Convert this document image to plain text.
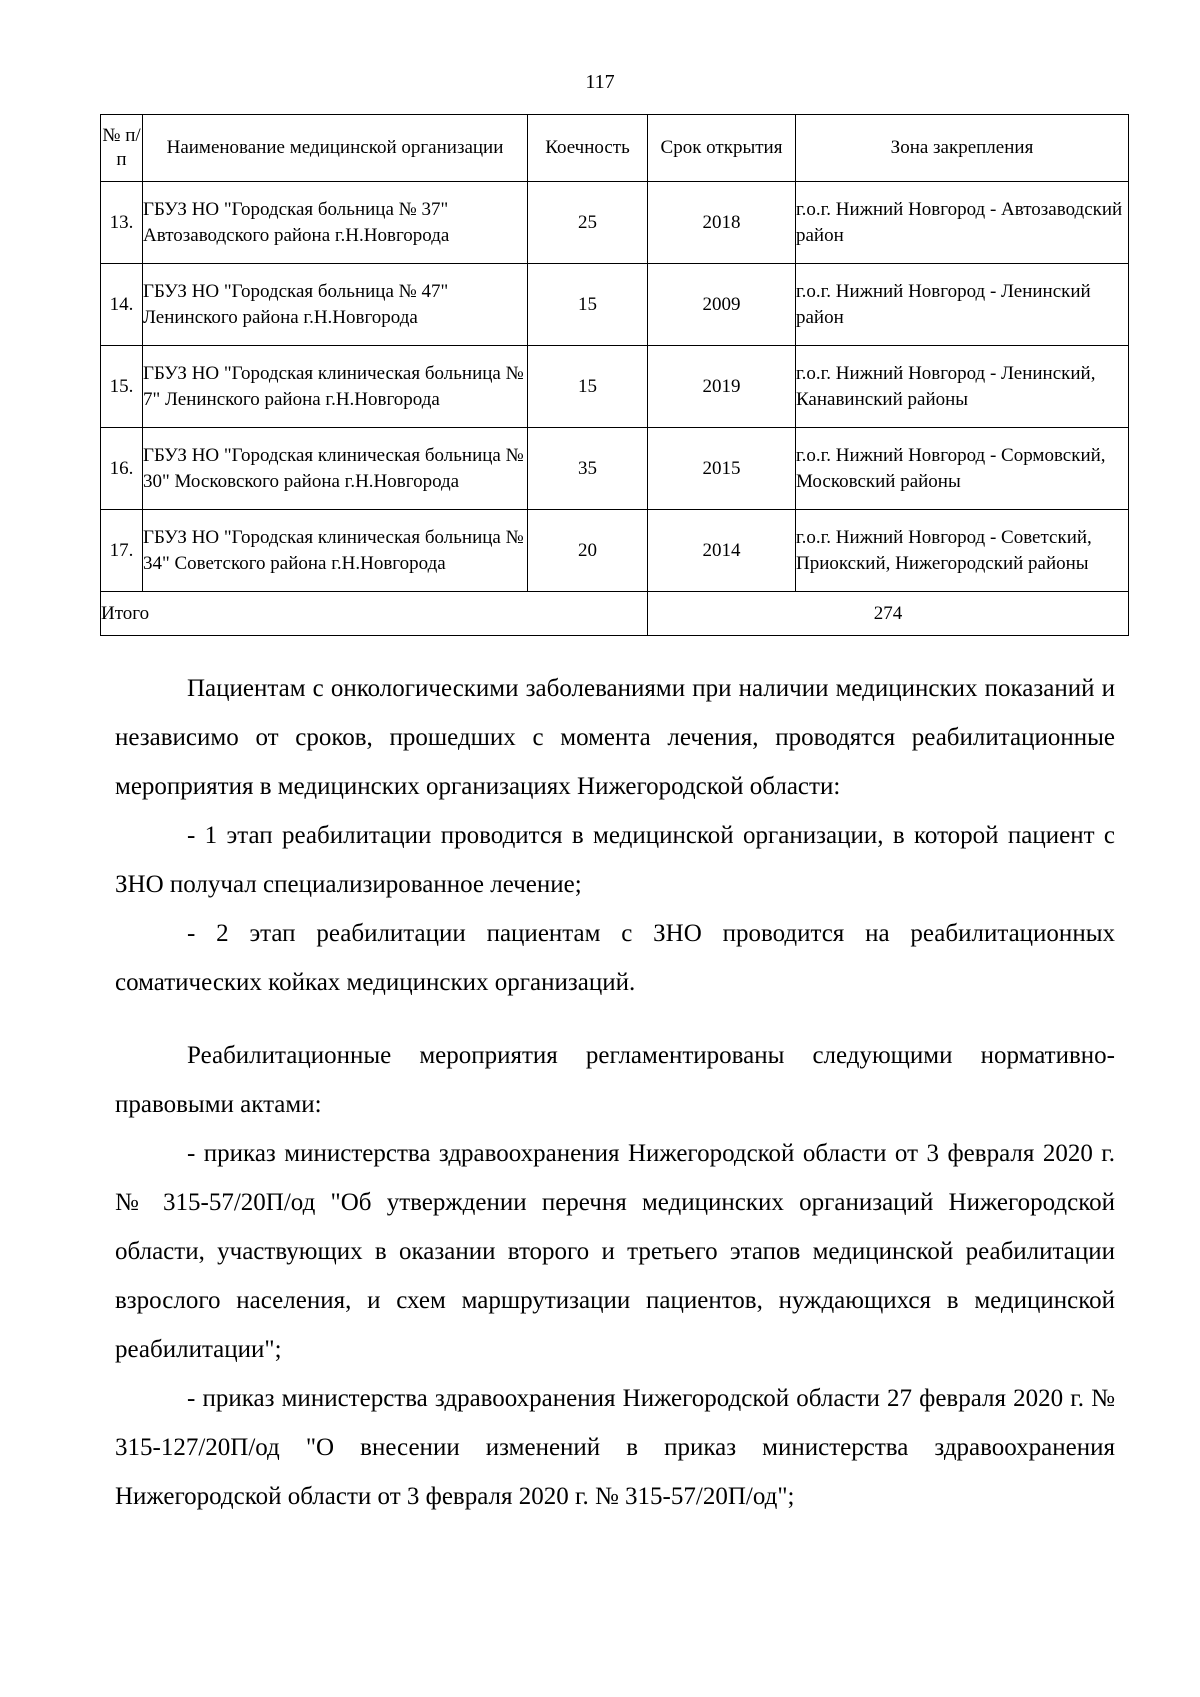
117
№ п/п	Наименование медицинской организации	Коечность	Срок открытия	Зона закрепления
13.	ГБУЗ НО "Городская больница № 37" Автозаводского района г.Н.Новгорода	25	2018	г.о.г. Нижний Новгород - Автозаводский район
14.	ГБУЗ НО "Городская больница № 47" Ленинского района г.Н.Новгорода	15	2009	г.о.г. Нижний Новгород - Ленинский район
15.	ГБУЗ НО "Городская клиническая больница № 7" Ленинского района г.Н.Новгорода	15	2019	г.о.г. Нижний Новгород - Ленинский, Канавинский районы
16.	ГБУЗ НО "Городская клиническая больница № 30" Московского района г.Н.Новгорода	35	2015	г.о.г. Нижний Новгород - Сормовский, Московский районы
17.	ГБУЗ НО "Городская клиническая больница № 34" Советского района г.Н.Новгорода	20	2014	г.о.г. Нижний Новгород - Советский, Приокский, Нижегородский районы
Итого			274	

Пациентам с онкологическими заболеваниями при наличии медицинских показаний и независимо от сроков, прошедших с момента лечения, проводятся реабилитационные мероприятия в медицинских организациях Нижегородской области:

- 1 этап реабилитации проводится в медицинской организации, в которой пациент с ЗНО получал специализированное лечение;

- 2 этап реабилитации пациентам с ЗНО проводится на реабилитационных соматических койках медицинских организаций.

Реабилитационные мероприятия регламентированы следующими нормативно-правовыми актами:

- приказ министерства здравоохранения Нижегородской области от 3 февраля 2020 г. № 315-57/20П/од "Об утверждении перечня медицинских организаций Нижегородской области, участвующих в оказании второго и третьего этапов медицинской реабилитации взрослого населения, и схем маршрутизации пациентов, нуждающихся в медицинской реабилитации";

- приказ министерства здравоохранения Нижегородской области 27 февраля 2020 г. № 315-127/20П/од "О внесении изменений в приказ министерства здравоохранения Нижегородской области от 3 февраля 2020 г. № 315-57/20П/од";
